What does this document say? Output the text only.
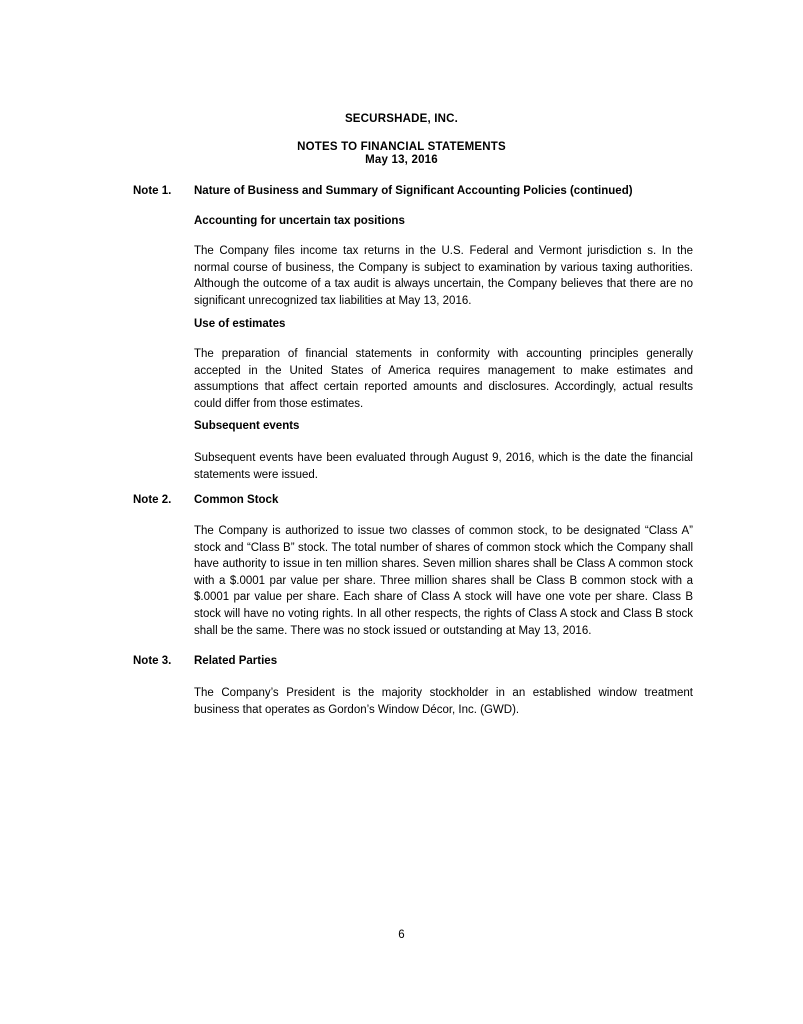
SECURSHADE, INC.
NOTES TO FINANCIAL STATEMENTS
May 13, 2016
Note 1.	Nature of Business and Summary of Significant Accounting Policies (continued)
Accounting for uncertain tax positions
The Company files income tax returns in the U.S. Federal and Vermont jurisdiction s. In the normal course of business, the Company is subject to examination by various taxing authorities. Although the outcome of a tax audit is always uncertain, the Company believes that there are no significant unrecognized tax liabilities at May 13, 2016.
Use of estimates
The preparation of financial statements in conformity with accounting principles generally accepted in the United States of America requires management to make estimates and assumptions that affect certain reported amounts and disclosures. Accordingly, actual results could differ from those estimates.
Subsequent events
Subsequent events have been evaluated through August 9, 2016, which is the date the financial statements were issued.
Note 2.	Common Stock
The Company is authorized to issue two classes of common stock, to be designated “Class A” stock and “Class B” stock. The total number of shares of common stock which the Company shall have authority to issue in ten million shares. Seven million shares shall be Class A common stock with a $.0001 par value per share. Three million shares shall be Class B common stock with a $.0001 par value per share. Each share of Class A stock will have one vote per share. Class B stock will have no voting rights. In all other respects, the rights of Class A stock and Class B stock shall be the same. There was no stock issued or outstanding at May 13, 2016.
Note 3.	Related Parties
The Company’s President is the majority stockholder in an established window treatment business that operates as Gordon’s Window Décor, Inc. (GWD).
6
